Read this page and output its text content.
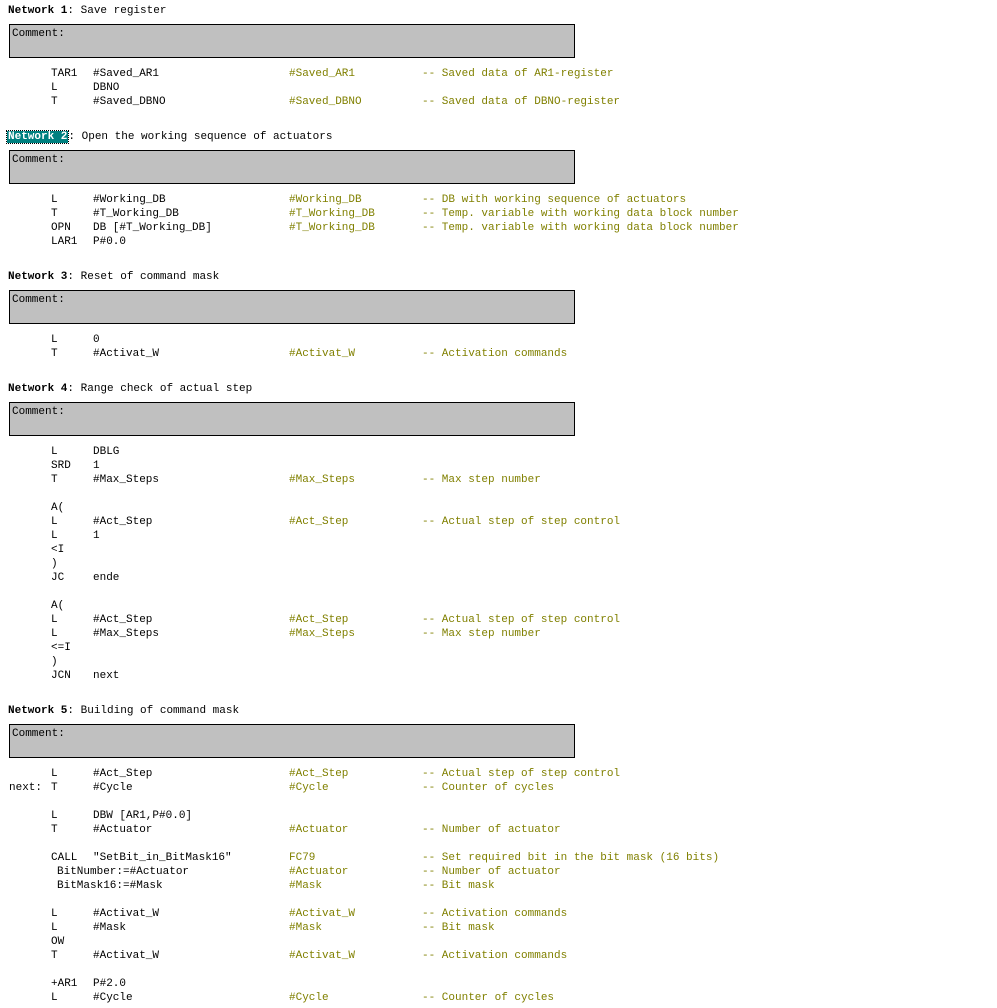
Network 1: Save register
Comment:
TAR1 #Saved_AR1	#Saved_AR1	-- Saved data of AR1-register
L	DBNO
T	#Saved_DBNO	#Saved_DBNO	-- Saved data of DBNO-register
Network 2: Open the working sequence of actuators
Comment:
L	#Working_DB	#Working_DB	-- DB with working sequence of actuators
T	#T_Working_DB	#T_Working_DB	-- Temp. variable with working data block number
OPN DB [#T_Working_DB]	#T_Working_DB	-- Temp. variable with working data block number
LAR1 P#0.0
Network 3: Reset of command mask
Comment:
L	0
T	#Activat_W	#Activat_W	-- Activation commands
Network 4: Range check of actual step
Comment:
L	DBLG
SRD 1
T	#Max_Steps	#Max_Steps	-- Max step number
A(
L	#Act_Step	#Act_Step	-- Actual step of step control
L	1
<I
)
JC	ende
A(
L	#Act_Step	#Act_Step	-- Actual step of step control
L	#Max_Steps	#Max_Steps	-- Max step number
<=I
)
JCN next
Network 5: Building of command mask
Comment:
L	#Act_Step	#Act_Step	-- Actual step of step control
next: T	#Cycle	#Cycle	-- Counter of cycles
L	DBW [AR1,P#0.0]
T	#Actuator	#Actuator	-- Number of actuator
CALL "SetBit_in_BitMask16"	FC79	-- Set required bit in the bit mask (16 bits)
BitNumber:=#Actuator	#Actuator	-- Number of actuator
BitMask16:=#Mask	#Mask	-- Bit mask
L	#Activat_W	#Activat_W	-- Activation commands
L	#Mask	#Mask	-- Bit mask
OW
T	#Activat_W	#Activat_W	-- Activation commands
+AR1 P#2.0
L	#Cycle	#Cycle	-- Counter of cycles
